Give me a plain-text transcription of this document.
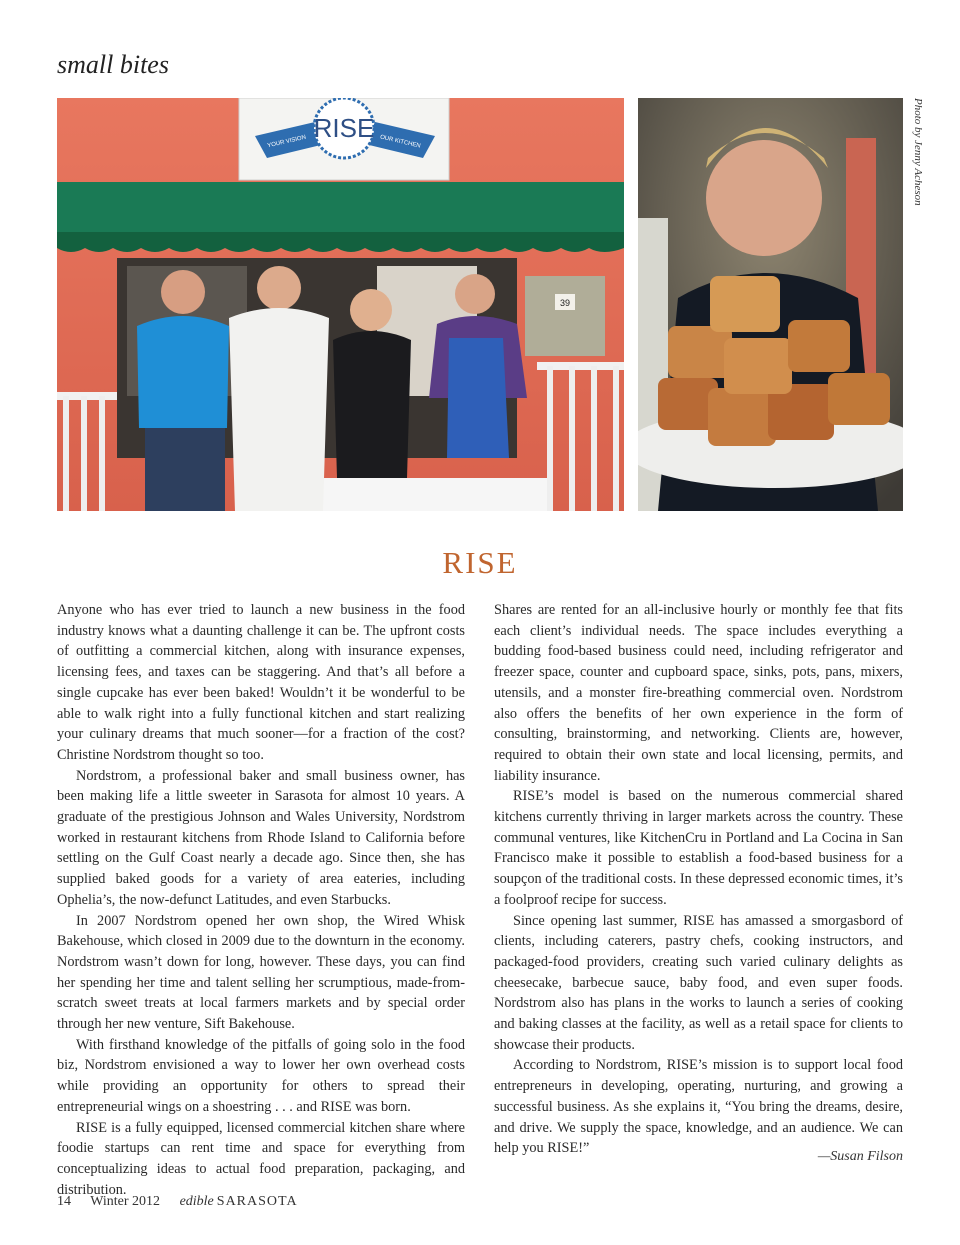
small bites
RISE
YOUR VISION	OUR KITCHEN
39
Photo by Jenny Acheson
RISE

Anyone who has ever tried to launch a new business in the food industry knows what a daunting challenge it can be. The upfront costs of outfitting a commercial kitchen, along with insurance expenses, licensing fees, and taxes can be staggering. And that’s all before a single cupcake has ever been baked! Wouldn’t it be wonderful to be able to walk right into a fully functional kitchen and start realizing your culinary dreams that much sooner—for a fraction of the cost? Christine Nordstrom thought so too.

Nordstrom, a professional baker and small business owner, has been making life a little sweeter in Sarasota for almost 10 years. A graduate of the prestigious Johnson and Wales University, Nordstrom worked in restaurant kitchens from Rhode Island to California before settling on the Gulf Coast nearly a decade ago. Since then, she has supplied baked goods for a variety of area eateries, including Ophelia’s, the now-defunct Latitudes, and even Starbucks.

In 2007 Nordstrom opened her own shop, the Wired Whisk Bakehouse, which closed in 2009 due to the downturn in the economy. Nordstrom wasn’t down for long, however. These days, you can find her spending her time and talent selling her scrumptious, made-from-scratch sweet treats at local farmers markets and by special order through her new venture, Sift Bakehouse.

With firsthand knowledge of the pitfalls of going solo in the food biz, Nordstrom envisioned a way to lower her own overhead costs while providing an opportunity for others to spread their entrepreneurial wings on a shoestring . . . and RISE was born.

RISE is a fully equipped, licensed commercial kitchen share where foodie startups can rent time and space for everything from conceptualizing ideas to actual food preparation, packaging, and distribution.

Shares are rented for an all-inclusive hourly or monthly fee that fits each client’s individual needs. The space includes everything a budding food-based business could need, including refrigerator and freezer space, counter and cupboard space, sinks, pots, pans, mixers, utensils, and a monster fire-breathing commercial oven. Nordstrom also offers the benefits of her own experience in the form of consulting, brainstorming, and networking. Clients are, however, required to obtain their own state and local licensing, permits, and liability insurance.

RISE’s model is based on the numerous commercial shared kitchens currently thriving in larger markets across the country. These communal ventures, like KitchenCru in Portland and La Cocina in San Francisco make it possible to establish a food-based business for a soupçon of the traditional costs. In these depressed economic times, it’s a foolproof recipe for success.

Since opening last summer, RISE has amassed a smorgasbord of clients, including caterers, pastry chefs, cooking instructors, and packaged-food providers, creating such varied culinary delights as cheesecake, barbecue sauce, baby food, and even super foods. Nordstrom also has plans in the works to launch a series of cooking and baking classes at the facility, as well as a retail space for clients to showcase their products.

According to Nordstrom, RISE’s mission is to support local food entrepreneurs in developing, operating, nurturing, and growing a successful business. As she explains it, “You bring the dreams, desire, and drive. We supply the space, knowledge, and an audience. We can help you RISE!”

—Susan Filson
14 Winter 2012 edible SARASOTA
